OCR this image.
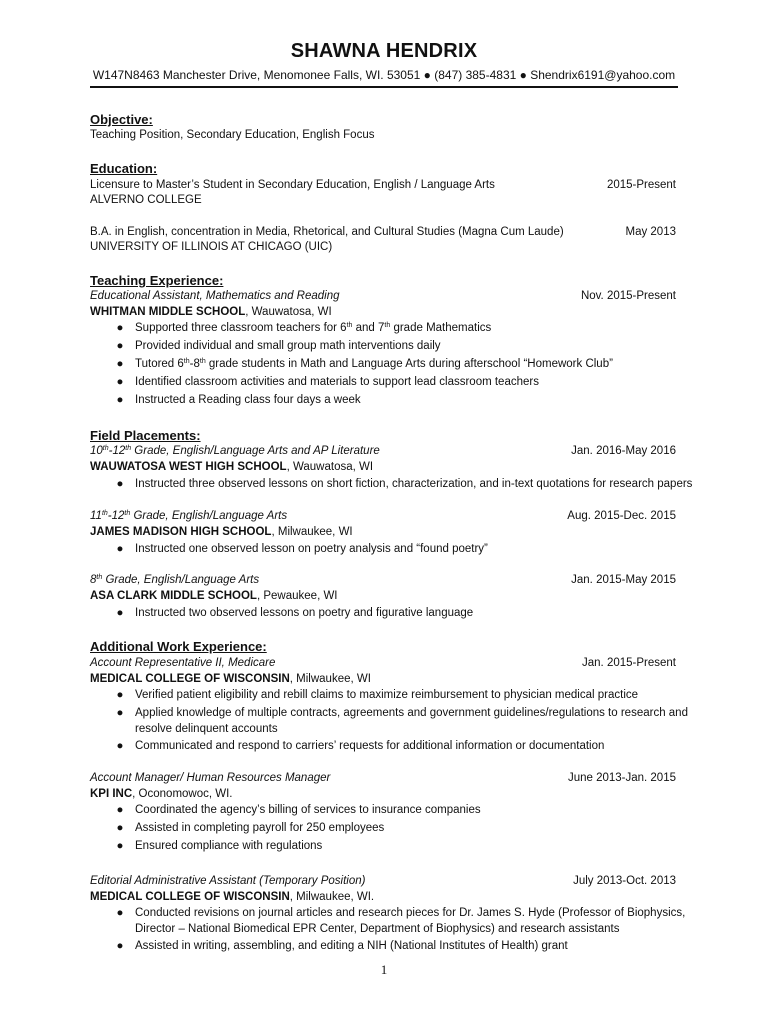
SHAWNA HENDRIX
W147N8463 Manchester Drive, Menomonee Falls, WI. 53051 ● (847) 385-4831 ● Shendrix6191@yahoo.com
Objective:
Teaching Position, Secondary Education, English Focus
Education:
Licensure to Master’s Student in Secondary Education, English / Language Arts	2015-Present
ALVERNO COLLEGE
B.A. in English, concentration in Media, Rhetorical, and Cultural Studies (Magna Cum Laude)	May 2013
UNIVERSITY OF ILLINOIS AT CHICAGO (UIC)
Teaching Experience:
Educational Assistant, Mathematics and Reading	Nov. 2015-Present
WHITMAN MIDDLE SCHOOL, Wauwatosa, WI
● Supported three classroom teachers for 6th and 7th grade Mathematics
● Provided individual and small group math interventions daily
● Tutored 6th-8th grade students in Math and Language Arts during afterschool “Homework Club”
● Identified classroom activities and materials to support lead classroom teachers
● Instructed a Reading class four days a week
Field Placements:
10th-12th Grade, English/Language Arts and AP Literature	Jan. 2016-May 2016
WAUWATOSA WEST HIGH SCHOOL, Wauwatosa, WI
● Instructed three observed lessons on short fiction, characterization, and in-text quotations for research papers
11th-12th Grade, English/Language Arts	Aug. 2015-Dec. 2015
JAMES MADISON HIGH SCHOOL, Milwaukee, WI
● Instructed one observed lesson on poetry analysis and “found poetry”
8th Grade, English/Language Arts	Jan. 2015-May 2015
ASA CLARK MIDDLE SCHOOL, Pewaukee, WI
● Instructed two observed lessons on poetry and figurative language
Additional Work Experience:
Account Representative II, Medicare	Jan. 2015-Present
MEDICAL COLLEGE OF WISCONSIN, Milwaukee, WI
● Verified patient eligibility and rebill claims to maximize reimbursement to physician medical practice
● Applied knowledge of multiple contracts, agreements and government guidelines/regulations to research and
resolve delinquent accounts
● Communicated and respond to carriers’ requests for additional information or documentation
Account Manager/ Human Resources Manager	June 2013-Jan. 2015
KPI INC, Oconomowoc, WI.
● Coordinated the agency’s billing of services to insurance companies
● Assisted in completing payroll for 250 employees
● Ensured compliance with regulations
Editorial Administrative Assistant (Temporary Position)	July 2013-Oct. 2013
MEDICAL COLLEGE OF WISCONSIN, Milwaukee, WI.
● Conducted revisions on journal articles and research pieces for Dr. James S. Hyde (Professor of Biophysics,
Director – National Biomedical EPR Center, Department of Biophysics) and research assistants
● Assisted in writing, assembling, and editing a NIH (National Institutes of Health) grant
1
